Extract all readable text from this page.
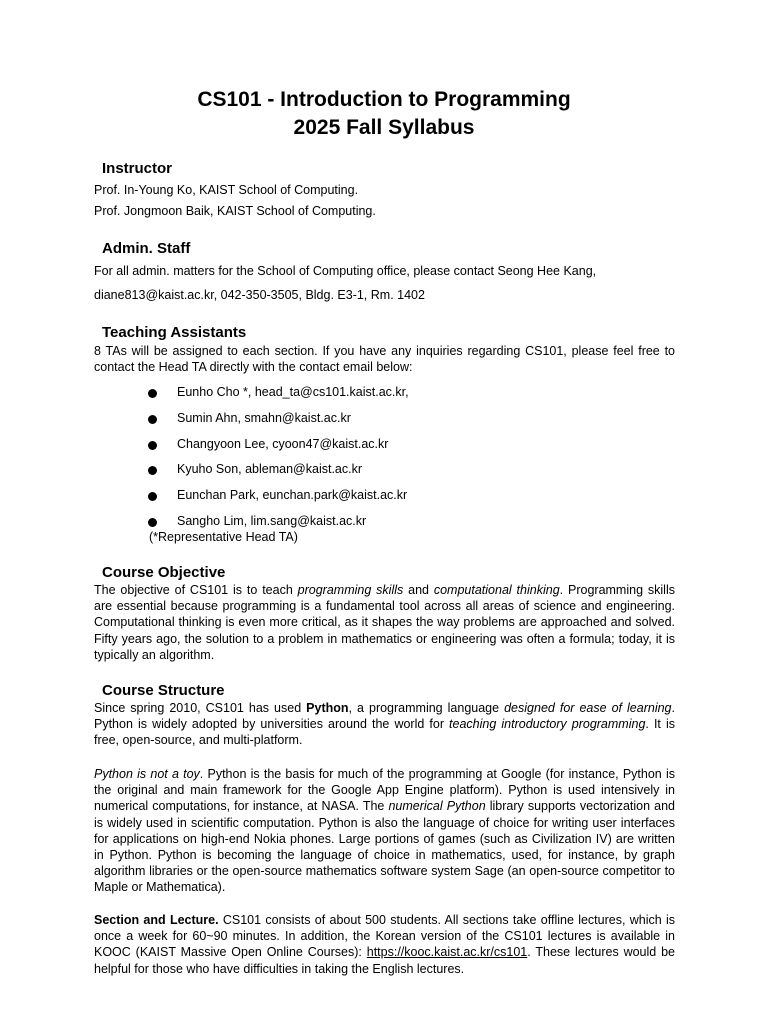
CS101 - Introduction to Programming
2025 Fall Syllabus
Instructor
Prof. In-Young Ko, KAIST School of Computing.
Prof. Jongmoon Baik, KAIST School of Computing.
Admin. Staff
For all admin. matters for the School of Computing office, please contact Seong Hee Kang,
diane813@kaist.ac.kr, 042-350-3505, Bldg. E3-1, Rm. 1402
Teaching Assistants
8 TAs will be assigned to each section. If you have any inquiries regarding CS101, please feel free to contact the Head TA directly with the contact email below:
Eunho Cho *, head_ta@cs101.kaist.ac.kr,
Sumin Ahn, smahn@kaist.ac.kr
Changyoon Lee, cyoon47@kaist.ac.kr
Kyuho Son, ableman@kaist.ac.kr
Eunchan Park, eunchan.park@kaist.ac.kr
Sangho Lim, lim.sang@kaist.ac.kr
(*Representative Head TA)
Course Objective
The objective of CS101 is to teach programming skills and computational thinking. Programming skills are essential because programming is a fundamental tool across all areas of science and engineering. Computational thinking is even more critical, as it shapes the way problems are approached and solved. Fifty years ago, the solution to a problem in mathematics or engineering was often a formula; today, it is typically an algorithm.
Course Structure
Since spring 2010, CS101 has used Python, a programming language designed for ease of learning. Python is widely adopted by universities around the world for teaching introductory programming. It is free, open-source, and multi-platform.
Python is not a toy. Python is the basis for much of the programming at Google (for instance, Python is the original and main framework for the Google App Engine platform). Python is used intensively in numerical computations, for instance, at NASA. The numerical Python library supports vectorization and is widely used in scientific computation. Python is also the language of choice for writing user interfaces for applications on high-end Nokia phones. Large portions of games (such as Civilization IV) are written in Python. Python is becoming the language of choice in mathematics, used, for instance, by graph algorithm libraries or the open-source mathematics software system Sage (an open-source competitor to Maple or Mathematica).
Section and Lecture. CS101 consists of about 500 students. All sections take offline lectures, which is once a week for 60~90 minutes. In addition, the Korean version of the CS101 lectures is available in KOOC (KAIST Massive Open Online Courses): https://kooc.kaist.ac.kr/cs101. These lectures would be helpful for those who have difficulties in taking the English lectures.
